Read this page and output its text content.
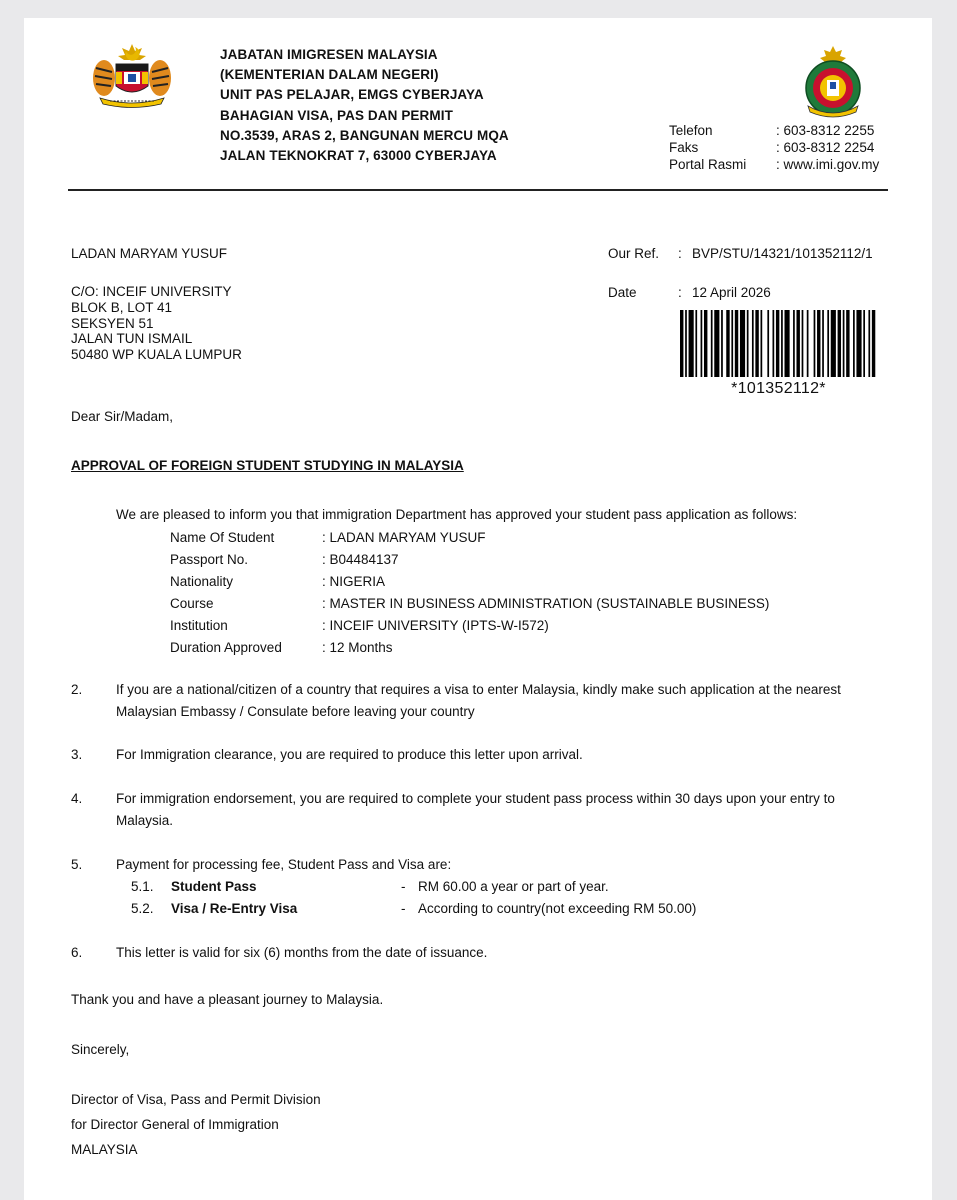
JABATAN IMIGRESEN MALAYSIA
(KEMENTERIAN DALAM NEGERI)
UNIT PAS PELAJAR, EMGS CYBERJAYA
BAHAGIAN VISA, PAS DAN PERMIT
NO.3539, ARAS 2, BANGUNAN MERCU MQA
JALAN TEKNOKRAT 7, 63000 CYBERJAYA
Telefon	: 603-8312 2255
Faks	: 603-8312 2254
Portal Rasmi	: www.imi.gov.my
LADAN MARYAM YUSUF	Our Ref.	: BVP/STU/14321/101352112/1
Date	: 12 April 2026
C/O: INCEIF UNIVERSITY
BLOK B, LOT 41
SEKSYEN 51
JALAN TUN ISMAIL
50480 WP KUALA LUMPUR
*101352112*
Dear Sir/Madam,
APPROVAL OF FOREIGN STUDENT STUDYING IN MALAYSIA
We are pleased to inform you that immigration Department has approved your student pass application as follows:
Name Of Student	: LADAN MARYAM YUSUF
Passport No.	: B04484137
Nationality	: NIGERIA
Course	: MASTER IN BUSINESS ADMINISTRATION (SUSTAINABLE BUSINESS)
Institution	: INCEIF UNIVERSITY (IPTS-W-I572)
Duration Approved	: 12 Months
2.	If you are a national/citizen of a country that requires a visa to enter Malaysia, kindly make such application at the nearest Malaysian Embassy / Consulate before leaving your country
3.	For Immigration clearance, you are required to produce this letter upon arrival.
4.	For immigration endorsement, you are required to complete your student pass process within 30 days upon your entry to Malaysia.
5.	Payment for processing fee, Student Pass and Visa are:
5.1.	Student Pass	- RM 60.00 a year or part of year.
5.2.	Visa / Re-Entry Visa	- According to country(not exceeding RM 50.00)
6.	This letter is valid for six (6) months from the date of issuance.
Thank you and have a pleasant journey to Malaysia.
Sincerely,
Director of Visa, Pass and Permit Division
for Director General of Immigration
MALAYSIA
